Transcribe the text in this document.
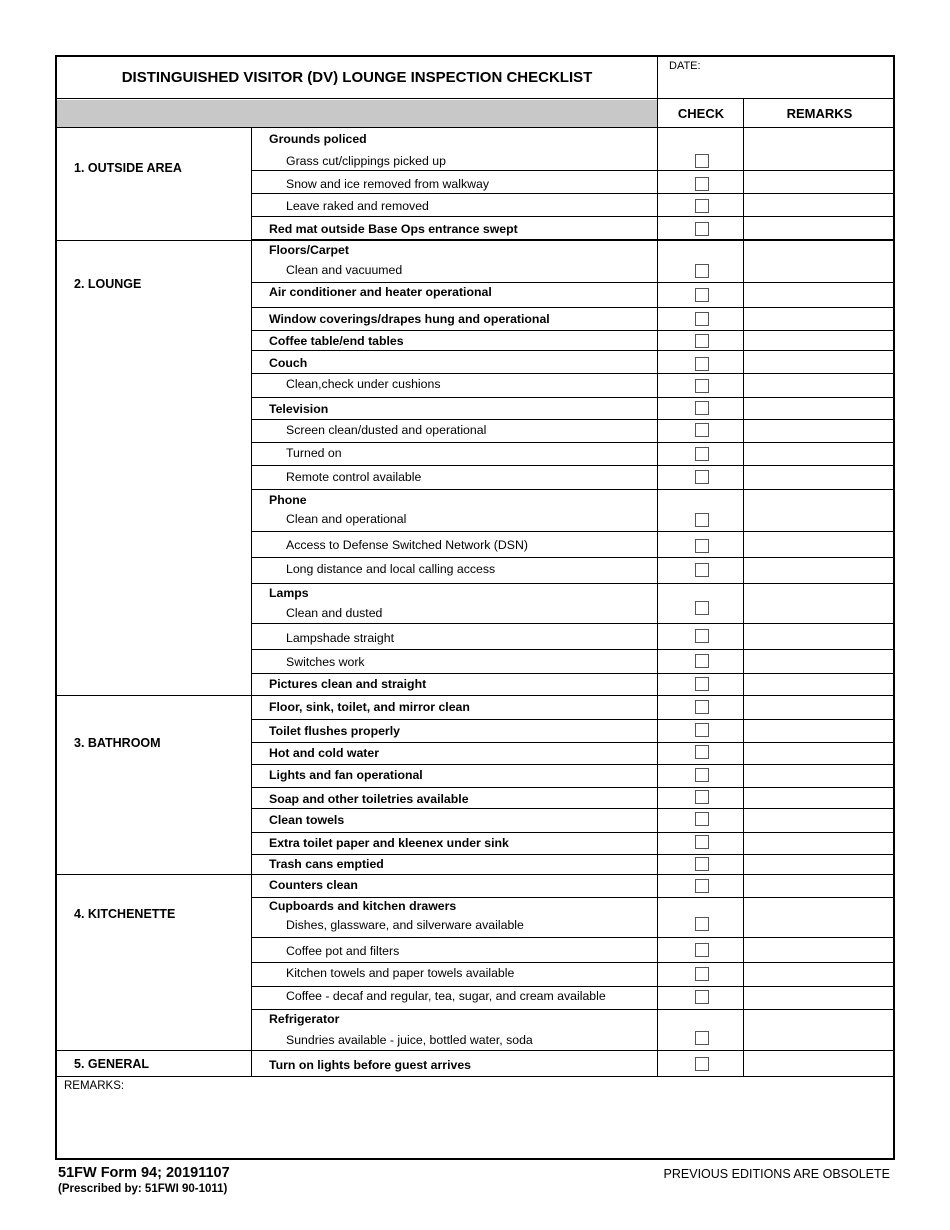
DISTINGUISHED VISITOR (DV) LOUNGE INSPECTION CHECKLIST
DATE:
CHECK	REMARKS
1. OUTSIDE AREA
2. LOUNGE
3. BATHROOM
4. KITCHENETTE
5. GENERAL
Grounds policed
Grass cut/clippings picked up
Snow and ice removed from walkway
Leave raked and removed
Red mat outside Base Ops entrance swept
Floors/Carpet
Clean and vacuumed
Air conditioner and heater operational
Window coverings/drapes hung and operational
Coffee table/end tables
Couch
Clean,check under cushions
Television
Screen clean/dusted and operational
Turned on
Remote control available
Phone
Clean and operational
Access to Defense Switched Network (DSN)
Long distance and local calling access
Lamps
Clean and dusted
Lampshade straight
Switches work
Pictures clean and straight
Floor, sink, toilet, and mirror clean
Toilet flushes properly
Hot and cold water
Lights and fan operational
Soap and other toiletries available
Clean towels
Extra toilet paper and kleenex under sink
Trash cans emptied
Counters clean
Cupboards and kitchen drawers
Dishes, glassware, and silverware available
Coffee pot and filters
Kitchen towels and paper towels available
Coffee - decaf and regular, tea, sugar, and cream available
Refrigerator
Sundries available - juice, bottled water, soda
Turn on lights before guest arrives
REMARKS:
51FW Form 94; 20191107
(Prescribed by: 51FWI 90-1011)
PREVIOUS EDITIONS ARE OBSOLETE
